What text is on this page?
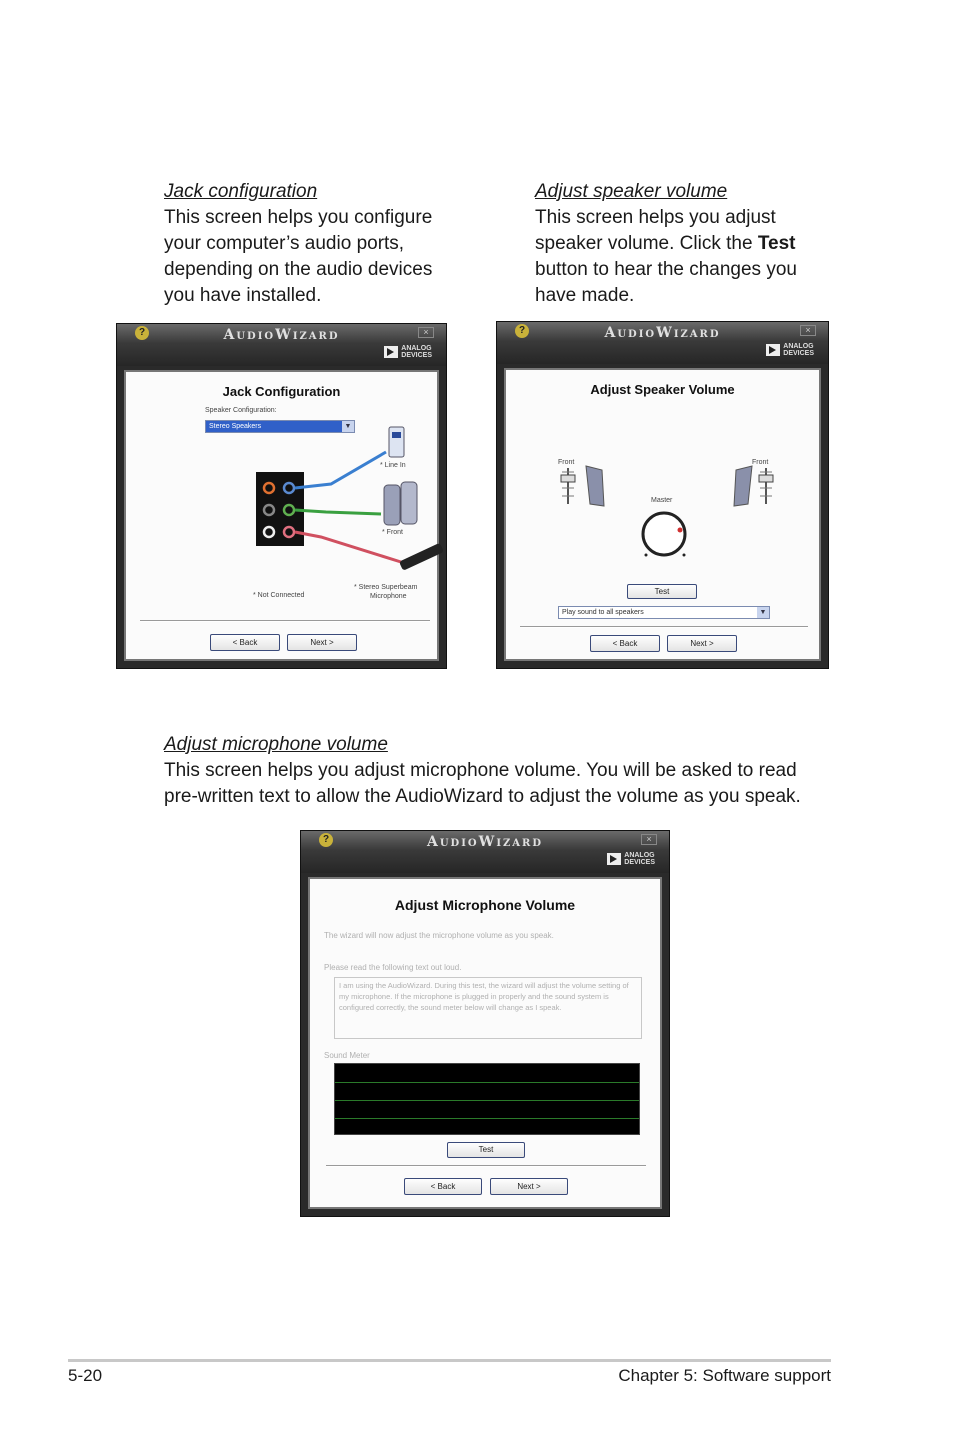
Jack configuration
This screen helps you configure
your computer’s audio ports,
depending on the audio devices
you have installed.
Adjust speaker volume
This screen helps you adjust
speaker volume. Click the Test
button to hear the changes you
have made.
?	AudioWizard	×
ANALOG
DEVICES
Jack Configuration
Speaker Configuration:
Stereo Speakers	▼
* Line In
* Front
* Stereo Superbeam
Microphone
* Not Connected
< Back	Next >
?	AudioWizard	×
ANALOG
DEVICES
Adjust Speaker Volume
Front	Front
Master
Test
Play sound to all speakers	▼
< Back	Next >
Adjust microphone volume
This screen helps you adjust microphone volume. You will be asked to read
pre-written text to allow the AudioWizard to adjust the volume as you speak.
?	AudioWizard	×
ANALOG
DEVICES
Adjust Microphone Volume
The wizard will now adjust the microphone volume as you speak.
Please read the following text out loud.
I am using the AudioWizard. During this test, the wizard will adjust the volume setting of my microphone. If the microphone is plugged in properly and the sound system is configured correctly, the sound meter below will change as I speak.
Sound Meter
Test
< Back	Next >
5-20	Chapter 5: Software support
